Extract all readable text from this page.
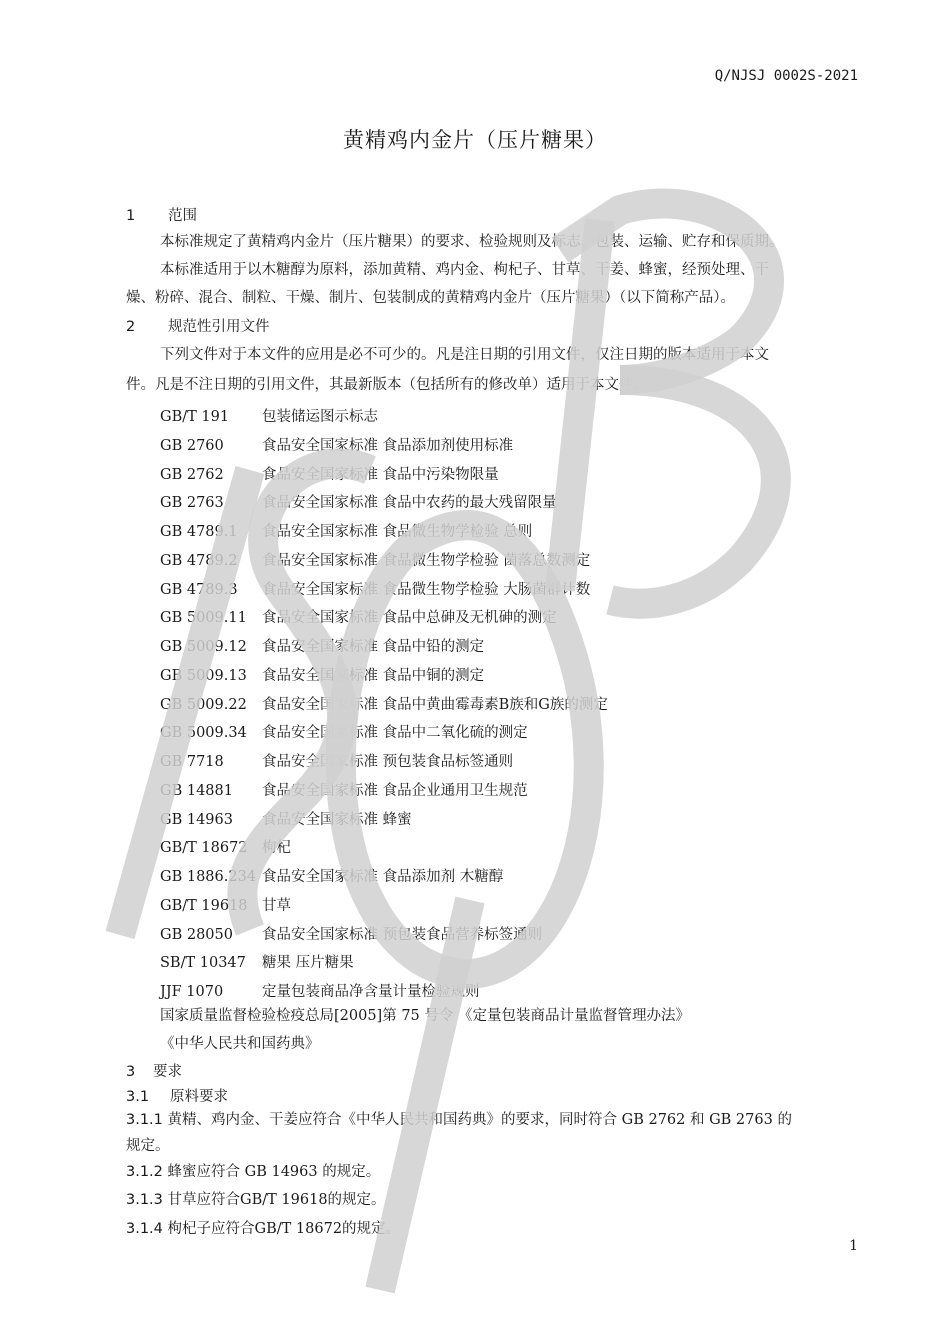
Q/NJSJ 0002S-2021
黄精鸡内金片（压片糖果）
1 范围
本标准规定了黄精鸡内金片（压片糖果）的要求、检验规则及标志、包装、运输、贮存和保质期。
本标准适用于以木糖醇为原料，添加黄精、鸡内金、枸杞子、甘草、干姜、蜂蜜，经预处理、干
燥、粉碎、混合、制粒、干燥、制片、包装制成的黄精鸡内金片（压片糖果）（以下简称产品）。
2 规范性引用文件
下列文件对于本文件的应用是必不可少的。凡是注日期的引用文件，仅注日期的版本适用于本文
件。凡是不注日期的引用文件，其最新版本（包括所有的修改单）适用于本文件。
GB/T 191 包装储运图示标志
GB 2760	食品安全国家标准 食品添加剂使用标准
GB 2762	食品安全国家标准 食品中污染物限量
GB 2763	食品安全国家标准 食品中农药的最大残留限量
GB 4789.1 食品安全国家标准 食品微生物学检验 总则
GB 4789.2 食品安全国家标准 食品微生物学检验 菌落总数测定
GB 4789.3 食品安全国家标准 食品微生物学检验 大肠菌群计数
GB 5009.11 食品安全国家标准 食品中总砷及无机砷的测定
GB 5009.12 食品安全国家标准 食品中铅的测定
GB 5009.13 食品安全国家标准 食品中铜的测定
GB 5009.22 食品安全国家标准 食品中黄曲霉毒素B族和G族的测定
GB 5009.34 食品安全国家标准 食品中二氧化硫的测定
GB 7718	食品安全国家标准 预包装食品标签通则
GB 14881 食品安全国家标准 食品企业通用卫生规范
GB 14963 食品安全国家标准 蜂蜜
GB/T 18672 枸杞
GB 1886.234 食品安全国家标准 食品添加剂 木糖醇
GB/T 19618 甘草
GB 28050 食品安全国家标准 预包装食品营养标签通则
SB/T 10347 糖果 压片糖果
JJF 1070	定量包装商品净含量计量检验规则
国家质量监督检验检疫总局[2005]第 75 号令 《定量包装商品计量监督管理办法》
《中华人民共和国药典》
3 要求
3.1 原料要求
3.1.1 黄精、鸡内金、干姜应符合《中华人民共和国药典》的要求，同时符合 GB 2762 和 GB 2763 的
规定。
3.1.2 蜂蜜应符合 GB 14963 的规定。
3.1.3 甘草应符合GB/T 19618的规定。
3.1.4 枸杞子应符合GB/T 18672的规定。
1
